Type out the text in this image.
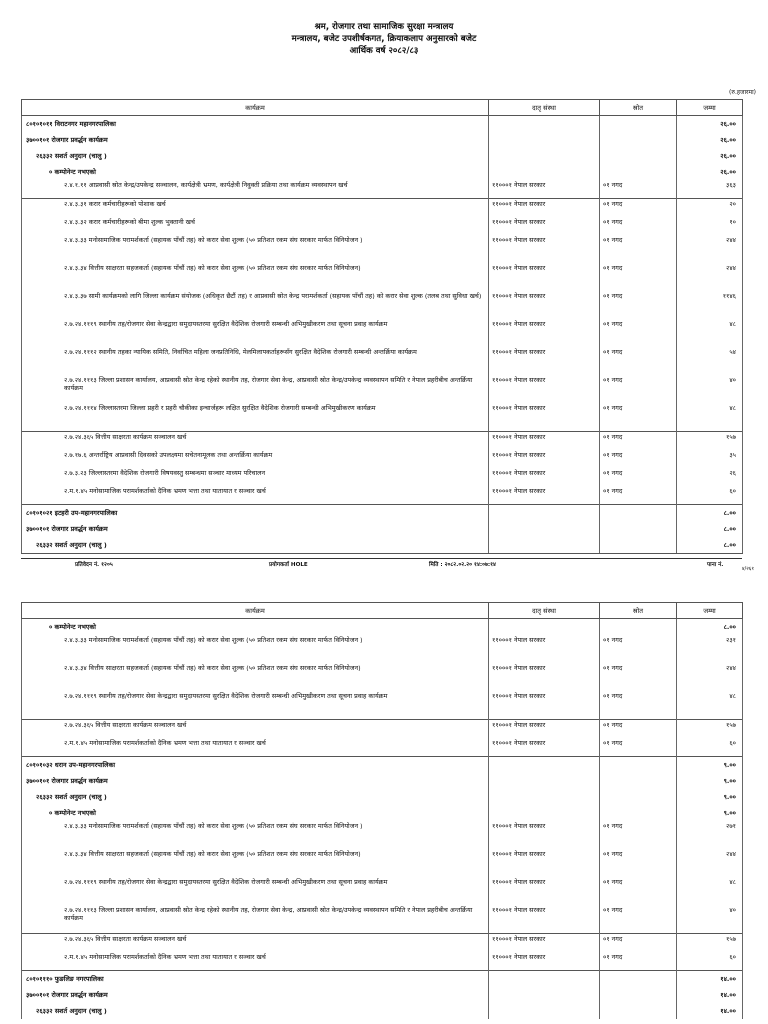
श्रम, रोजगार तथा सामाजिक सुरक्षा मन्त्रालय
मन्त्रालय, बजेट उपशीर्षकगत, क्रियाकलाप अनुसारको बजेट
आर्थिक वर्ष २०८२/८३
(रु.हजारमा)
कार्यक्रम	दातृ संस्था	स्रोत	जम्मा
८०१०१०११ विराटनगर महानगरपालिका			२६.००
३७००१०१ रोजगार प्रवर्द्धन कार्यक्रम			२६.००
२६३३२ सशर्त अनुदान (चालु )			२६.००
० कम्पोनेन्ट नभएको			२६.००
२.४.१.११ आप्रवासी स्रोत केन्द्र/उपकेन्द्र सञ्चालन, कार्यक्षेत्री भ्रमण, कार्यक्षेत्री निवुक्ती प्रक्रिया तथा कार्यक्रम व्यवस्थापन खर्च	११०००१ नेपाल सरकार	०१ नगद	३६३
२.४.३.३१ करार कर्मचारीहरूको पोशाक खर्च	११०००१ नेपाल सरकार	०१ नगद	२०
२.४.३.३२ करार कर्मचारीहरूको बीमा शुल्क भुक्तानी खर्च	११०००१ नेपाल सरकार	०१ नगद	१०
२.४.३.३३ मनोसामाजिक परामर्शकर्ता (सहायक पाँचौं तह) को करार सेवा शुल्क (५० प्रतिशत रकम संघ सरकार मार्फत विनियोजन )	११०००१ नेपाल सरकार	०१ नगद	२४४
२.४.३.३४ वित्तीय साक्षरता सहजकर्ता (सहायक पाँचौं तह) को करार सेवा शुल्क (५० प्रतिशत रकम संघ सरकार मार्फत विनियोजन)	११०००१ नेपाल सरकार	०१ नगद	२४४
२.४.३.३७ सामी कार्यक्रमको लागि जिल्ला कार्यक्रम संयोजक (अधिकृत छैटौं तह) र आप्रवासी स्रोत केन्द्र परामर्शकर्ता (सहायक पाँचौं तह) को करार सेवा शुल्क (तलब तथा सुविधा खर्च)	११०००१ नेपाल सरकार	०१ नगद	११४६
२.७.२४.१११९ स्थानीय तह/रोजगार सेवा केन्द्रद्वारा समुदायस्तरमा सुरक्षित वैदेशिक रोजगारी सम्बन्धी अभिमुखीकरण तथा सूचना प्रवाह कार्यक्रम	११०००१ नेपाल सरकार	०१ नगद	४८
२.७.२४.१११२ स्थानीय तहका न्यायिक समिति, निर्वाचित महिला जनप्रतिनिधि, मेलमिलापकर्ताहरूसँग सुरक्षित वैदेशिक रोजगारी सम्बन्धी अन्तर्क्रिया कार्यक्रम	११०००१ नेपाल सरकार	०१ नगद	५४
२.७.२४.१११३ जिल्ला प्रशासन कार्यालय, आप्रवासी स्रोत केन्द्र रहेको स्थानीय तह, रोजगार सेवा केन्द्र, आप्रवासी स्रोत केन्द्र/उपकेन्द्र व्यवस्थापन समिति र नेपाल प्रहरीबीच अन्तर्क्रिया कार्यक्रम	११०००१ नेपाल सरकार	०१ नगद	४०
२.७.२४.१११४ जिल्लास्तरमा जिल्ला प्रहरी र प्रहरी चौकीका इन्चार्जहरू लक्षित सुरक्षित वैदेशिक रोजगारी सम्बन्धी अभिमुखीकरण कार्यक्रम	११०००१ नेपाल सरकार	०१ नगद	४८
२.७.२४.३६५ वित्तीय साक्षरता कार्यक्रम सञ्चालन खर्च	११०००१ नेपाल सरकार	०१ नगद	१५७
२.७.१७.६ अन्तर्राष्ट्रिय आप्रवासी दिवसको उपलक्ष्यमा सचेतनामूलक तथा अन्तर्क्रिया कार्यक्रम	११०००१ नेपाल सरकार	०१ नगद	३५
२.७.३.२३ जिल्लास्तरमा वैदेशिक रोजगारी विषयवस्तु सम्बन्धमा सञ्चार माध्यम परिचालन	११०००१ नेपाल सरकार	०१ नगद	२६
२.म.१.४५ मनोसामाजिक परामर्शकर्ताको दैनिक भ्रमण भत्ता तथा यातायात र सञ्चार खर्च	११०००१ नेपाल सरकार	०१ नगद	६०
८०१०१०२१ इटहरी उप-महानगरपालिका			८.००
३७००१०१ रोजगार प्रवर्द्धन कार्यक्रम			८.००
२६३३२ सशर्त अनुदान (चालु )			८.००
प्रतिवेदन नं. १२०५	प्रयोगकर्ता HOLE	मिति : २०८२.०२.२० १४:०७:१४	पाना नं.
४/२६१
कार्यक्रम	दातृ संस्था	स्रोत	जम्मा
० कम्पोनेन्ट नभएको			८.००
२.४.३.३३ मनोसामाजिक परामर्शकर्ता (सहायक पाँचौं तह) को करार सेवा शुल्क (५० प्रतिशत रकम संघ सरकार मार्फत विनियोजन )	११०००१ नेपाल सरकार	०१ नगद	२३१
२.४.३.३४ वित्तीय साक्षरता सहजकर्ता (सहायक पाँचौं तह) को करार सेवा शुल्क (५० प्रतिशत रकम संघ सरकार मार्फत विनियोजन)	११०००१ नेपाल सरकार	०१ नगद	२४४
२.७.२४.१११९ स्थानीय तह/रोजगार सेवा केन्द्रद्वारा समुदायस्तरमा सुरक्षित वैदेशिक रोजगारी सम्बन्धी अभिमुखीकरण तथा सूचना प्रवाह कार्यक्रम	११०००१ नेपाल सरकार	०१ नगद	४८
२.७.२४.३६५ वित्तीय साक्षरता कार्यक्रम सञ्चालन खर्च	११०००१ नेपाल सरकार	०१ नगद	१५७
२.म.१.४५ मनोसामाजिक परामर्शकर्ताको दैनिक भ्रमण भत्ता तथा यातायात र सञ्चार खर्च	११०००१ नेपाल सरकार	०१ नगद	६०
८०१०१०३२ धरान उप-महानगरपालिका			९.००
३७००१०१ रोजगार प्रवर्द्धन कार्यक्रम			९.००
२६३३२ सशर्त अनुदान (चालु )			९.००
० कम्पोनेन्ट नभएको			९.००
२.४.३.३३ मनोसामाजिक परामर्शकर्ता (सहायक पाँचौं तह) को करार सेवा शुल्क (५० प्रतिशत रकम संघ सरकार मार्फत विनियोजन )	११०००१ नेपाल सरकार	०१ नगद	२७१
२.४.३.३४ वित्तीय साक्षरता सहजकर्ता (सहायक पाँचौं तह) को करार सेवा शुल्क (५० प्रतिशत रकम संघ सरकार मार्फत विनियोजन)	११०००१ नेपाल सरकार	०१ नगद	२४४
२.७.२४.१११९ स्थानीय तह/रोजगार सेवा केन्द्रद्वारा समुदायस्तरमा सुरक्षित वैदेशिक रोजगारी सम्बन्धी अभिमुखीकरण तथा सूचना प्रवाह कार्यक्रम	११०००१ नेपाल सरकार	०१ नगद	४८
२.७.२४.१११३ जिल्ला प्रशासन कार्यालय, आप्रवासी स्रोत केन्द्र रहेको स्थानीय तह, रोजगार सेवा केन्द्र, आप्रवासी स्रोत केन्द्र/उपकेन्द्र व्यवस्थापन समिति र नेपाल प्रहरीबीच अन्तर्क्रिया कार्यक्रम	११०००१ नेपाल सरकार	०१ नगद	४०
२.७.२४.३६५ वित्तीय साक्षरता कार्यक्रम सञ्चालन खर्च	११०००१ नेपाल सरकार	०१ नगद	१५७
२.म.१.४५ मनोसामाजिक परामर्शकर्ताको दैनिक भ्रमण भत्ता तथा यातायात र सञ्चार खर्च	११०००१ नेपाल सरकार	०१ नगद	६०
८०१०१११० फुङलिङ नगरपालिका			१४.००
३७००१०१ रोजगार प्रवर्द्धन कार्यक्रम			१४.००
२६३३२ सशर्त अनुदान (चालु )			१४.००
